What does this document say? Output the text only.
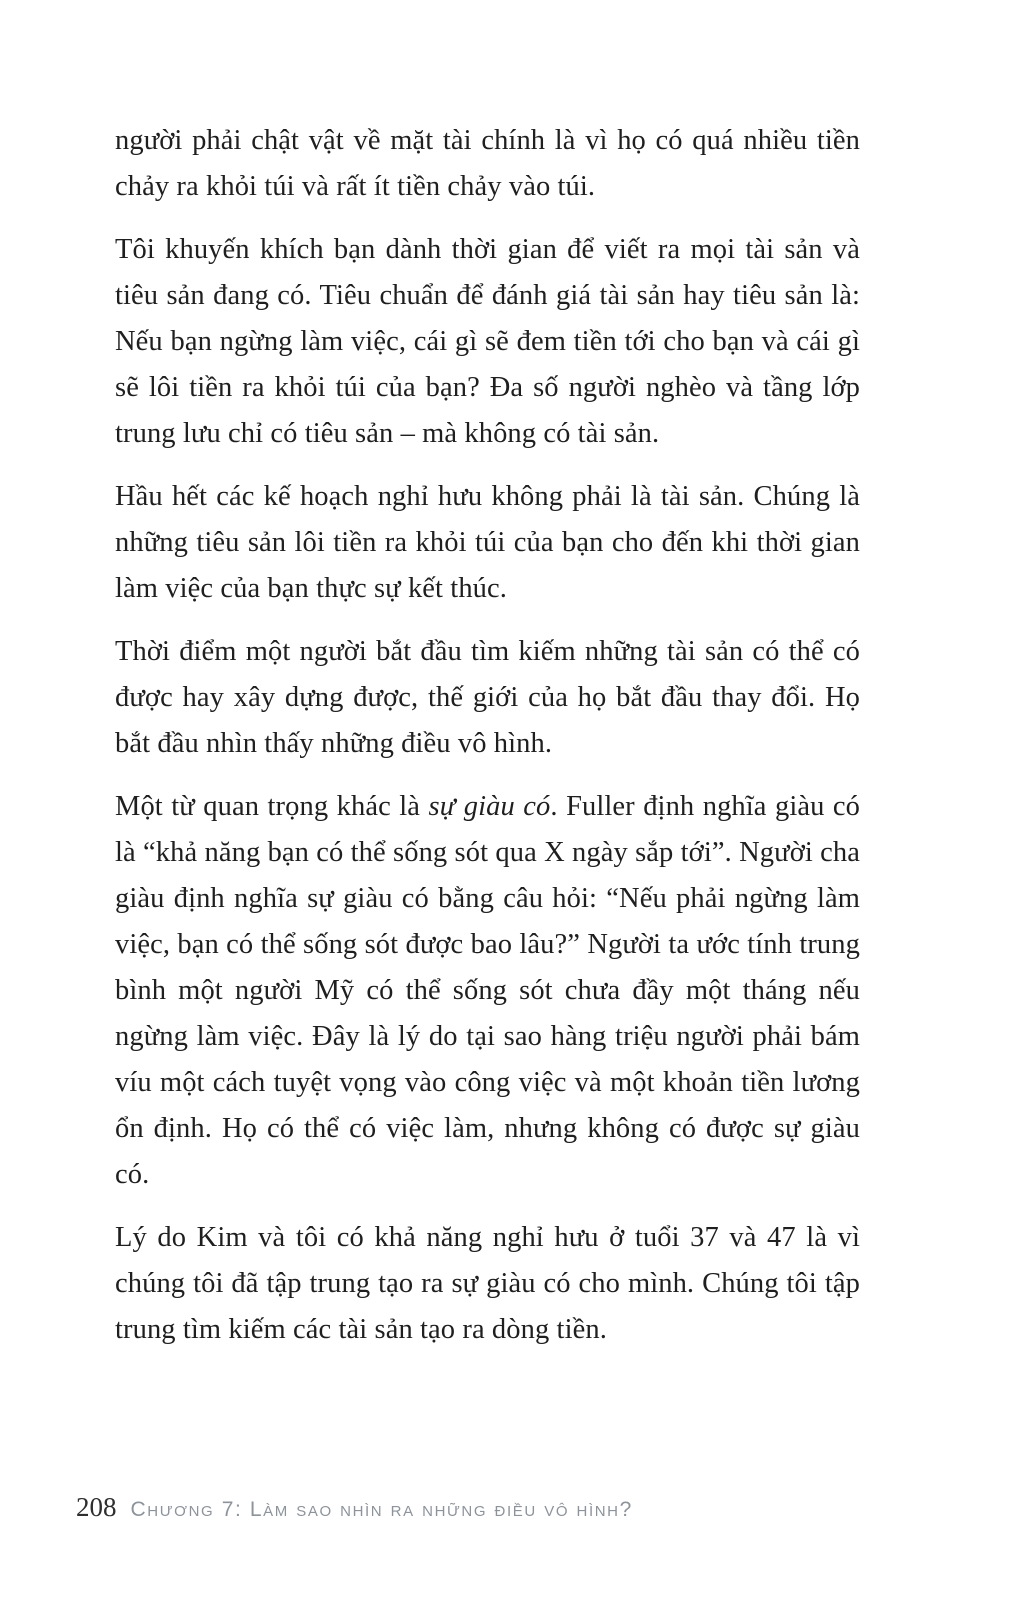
người phải chật vật về mặt tài chính là vì họ có quá nhiều tiền chảy ra khỏi túi và rất ít tiền chảy vào túi.

Tôi khuyến khích bạn dành thời gian để viết ra mọi tài sản và tiêu sản đang có. Tiêu chuẩn để đánh giá tài sản hay tiêu sản là: Nếu bạn ngừng làm việc, cái gì sẽ đem tiền tới cho bạn và cái gì sẽ lôi tiền ra khỏi túi của bạn? Đa số người nghèo và tầng lớp trung lưu chỉ có tiêu sản – mà không có tài sản.

Hầu hết các kế hoạch nghỉ hưu không phải là tài sản. Chúng là những tiêu sản lôi tiền ra khỏi túi của bạn cho đến khi thời gian làm việc của bạn thực sự kết thúc.

Thời điểm một người bắt đầu tìm kiếm những tài sản có thể có được hay xây dựng được, thế giới của họ bắt đầu thay đổi. Họ bắt đầu nhìn thấy những điều vô hình.

Một từ quan trọng khác là sự giàu có. Fuller định nghĩa giàu có là “khả năng bạn có thể sống sót qua X ngày sắp tới”. Người cha giàu định nghĩa sự giàu có bằng câu hỏi: “Nếu phải ngừng làm việc, bạn có thể sống sót được bao lâu?” Người ta ước tính trung bình một người Mỹ có thể sống sót chưa đầy một tháng nếu ngừng làm việc. Đây là lý do tại sao hàng triệu người phải bám víu một cách tuyệt vọng vào công việc và một khoản tiền lương ổn định. Họ có thể có việc làm, nhưng không có được sự giàu có.

Lý do Kim và tôi có khả năng nghỉ hưu ở tuổi 37 và 47 là vì chúng tôi đã tập trung tạo ra sự giàu có cho mình. Chúng tôi tập trung tìm kiếm các tài sản tạo ra dòng tiền.

208 Chương 7: Làm sao nhìn ra những điều vô hình?
